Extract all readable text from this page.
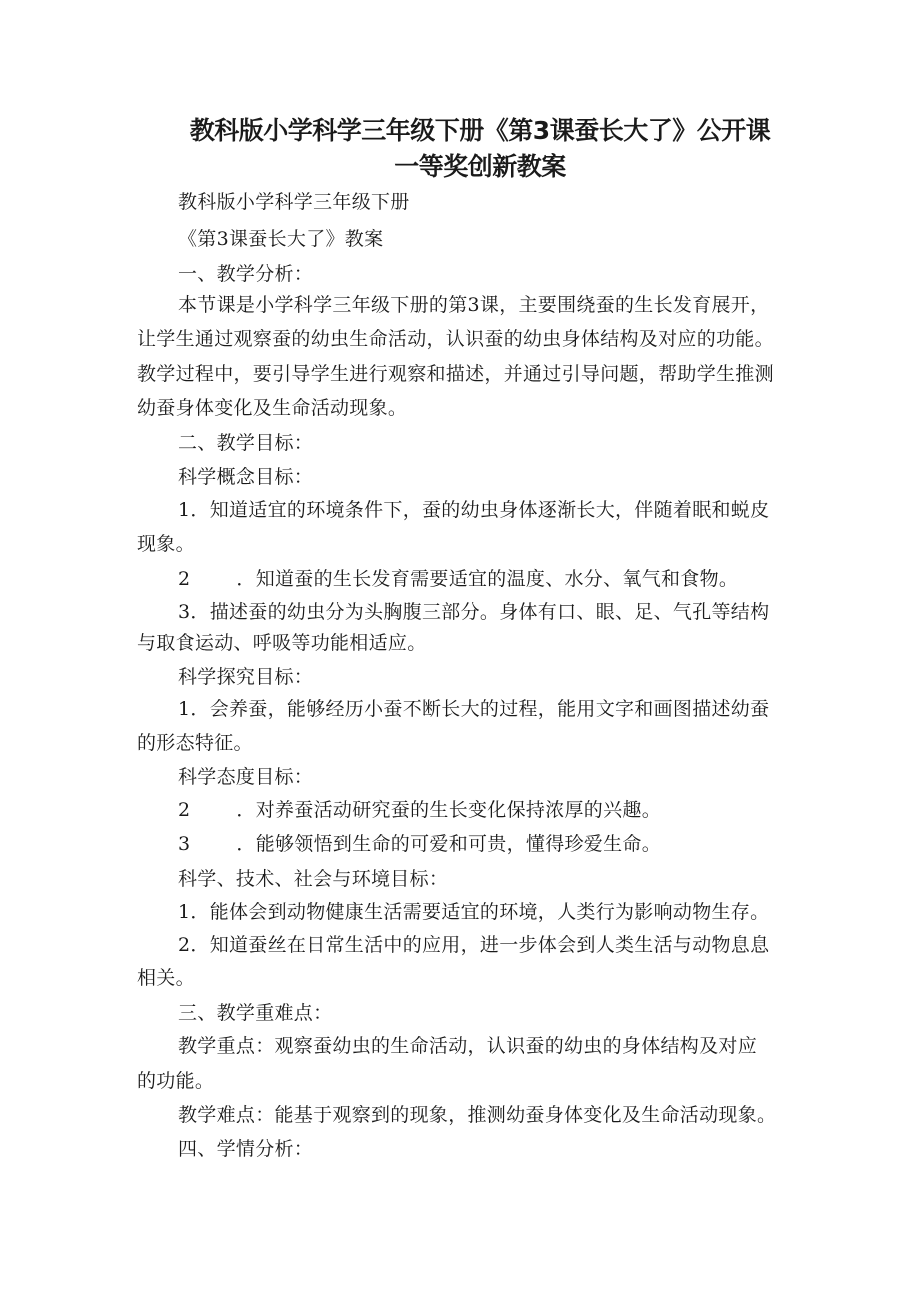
教科版小学科学三年级下册《第3课蚕长大了》公开课
一等奖创新教案

教科版小学科学三年级下册

《第3课蚕长大了》教案

一、教学分析：

本节课是小学科学三年级下册的第3课，主要围绕蚕的生长发育展开，

让学生通过观察蚕的幼虫生命活动，认识蚕的幼虫身体结构及对应的功能。

教学过程中，要引导学生进行观察和描述，并通过引导问题，帮助学生推测

幼蚕身体变化及生命活动现象。

二、教学目标：

科学概念目标：

1．知道适宜的环境条件下，蚕的幼虫身体逐渐长大，伴随着眠和蜕皮

现象。

2 ．知道蚕的生长发育需要适宜的温度、水分、氧气和食物。

3．描述蚕的幼虫分为头胸腹三部分。身体有口、眼、足、气孔等结构

与取食运动、呼吸等功能相适应。

科学探究目标：

1．会养蚕，能够经历小蚕不断长大的过程，能用文字和画图描述幼蚕

的形态特征。

科学态度目标：

2 ．对养蚕活动研究蚕的生长变化保持浓厚的兴趣。

3 ．能够领悟到生命的可爱和可贵，懂得珍爱生命。

科学、技术、社会与环境目标：

1．能体会到动物健康生活需要适宜的环境，人类行为影响动物生存。

2．知道蚕丝在日常生活中的应用，进一步体会到人类生活与动物息息

相关。

三、教学重难点：

教学重点：观察蚕幼虫的生命活动，认识蚕的幼虫的身体结构及对应

的功能。

教学难点：能基于观察到的现象，推测幼蚕身体变化及生命活动现象。

四、学情分析：
